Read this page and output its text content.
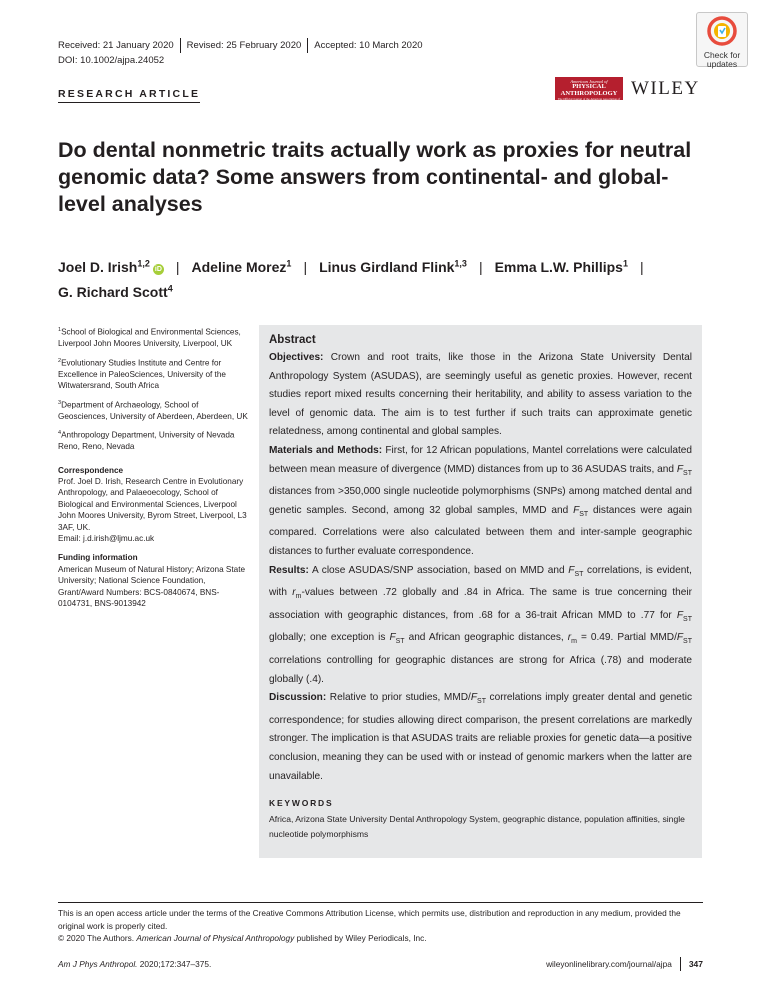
Received: 21 January 2020 Revised: 25 February 2020 Accepted: 10 March 2020
DOI: 10.1002/ajpa.24052	Check for
updates
American Journal of
PHYSICAL
ANTHROPOLOGY
The Official Journal of the American Association of Physical Anthropologists
WILEY
RESEARCH ARTICLE
Do dental nonmetric traits actually work as proxies for neutral genomic data? Some answers from continental- and global-level analyses
Joel D. Irish$^{1,2}$iD | Adeline Morez$^1$ | Linus Girdland Flink$^{1,3}$ | Emma L.W. Phillips$^1$ |
G. Richard Scott$^4$
$^1$School of Biological and Environmental Sciences, Liverpool John Moores University, Liverpool, UK
$^2$Evolutionary Studies Institute and Centre for Excellence in PaleoSciences, University of the Witwatersrand, South Africa
$^3$Department of Archaeology, School of Geosciences, University of Aberdeen, Aberdeen, UK
$^4$Anthropology Department, University of Nevada Reno, Reno, Nevada
Correspondence
Prof. Joel D. Irish, Research Centre in Evolutionary Anthropology, and Palaeoecology, School of Biological and Environmental Sciences, Liverpool John Moores University, Byrom Street, Liverpool, L3 3AF, UK.
Email: j.d.irish@ljmu.ac.uk
Funding information
American Museum of Natural History; Arizona State University; National Science Foundation, Grant/Award Numbers: BCS-0840674, BNS-0104731, BNS-9013942
Abstract

Objectives: Crown and root traits, like those in the Arizona State University Dental Anthropology System (ASUDAS), are seemingly useful as genetic proxies. However, recent studies report mixed results concerning their heritability, and ability to assess variation to the level of genomic data. The aim is to test further if such traits can approximate genetic relatedness, among continental and global samples.

Materials and Methods: First, for 12 African populations, Mantel correlations were calculated between mean measure of divergence (MMD) distances from up to 36 ASUDAS traits, and $F_{ST}$ distances from >350,000 single nucleotide polymorphisms (SNPs) among matched dental and genetic samples. Second, among 32 global samples, MMD and $F_{ST}$ distances were again compared. Correlations were also calculated between them and inter-sample geographic distances to further evaluate correspondence.

Results: A close ASUDAS/SNP association, based on MMD and $F_{ST}$ correlations, is evident, with $r_m$-values between .72 globally and .84 in Africa. The same is true concerning their association with geographic distances, from .68 for a 36-trait African MMD to .77 for $F_{ST}$ globally; one exception is $F_{ST}$ and African geographic distances, $r_m = 0.49$. Partial MMD/$F_{ST}$ correlations controlling for geographic distances are strong for Africa (.78) and moderate globally (.4).

Discussion: Relative to prior studies, MMD/$F_{ST}$ correlations imply greater dental and genetic correspondence; for studies allowing direct comparison, the present correlations are markedly stronger. The implication is that ASUDAS traits are reliable proxies for genetic data—a positive conclusion, meaning they can be used with or instead of genomic markers when the latter are unavailable.

KEYWORDS
Africa, Arizona State University Dental Anthropology System, geographic distance, population affinities, single nucleotide polymorphisms
This is an open access article under the terms of the Creative Commons Attribution License, which permits use, distribution and reproduction in any medium, provided the original work is properly cited.
© 2020 The Authors. American Journal of Physical Anthropology published by Wiley Periodicals, Inc.
Am J Phys Anthropol. 2020;172:347–375.	wileyonlinelibrary.com/journal/ajpa 347
